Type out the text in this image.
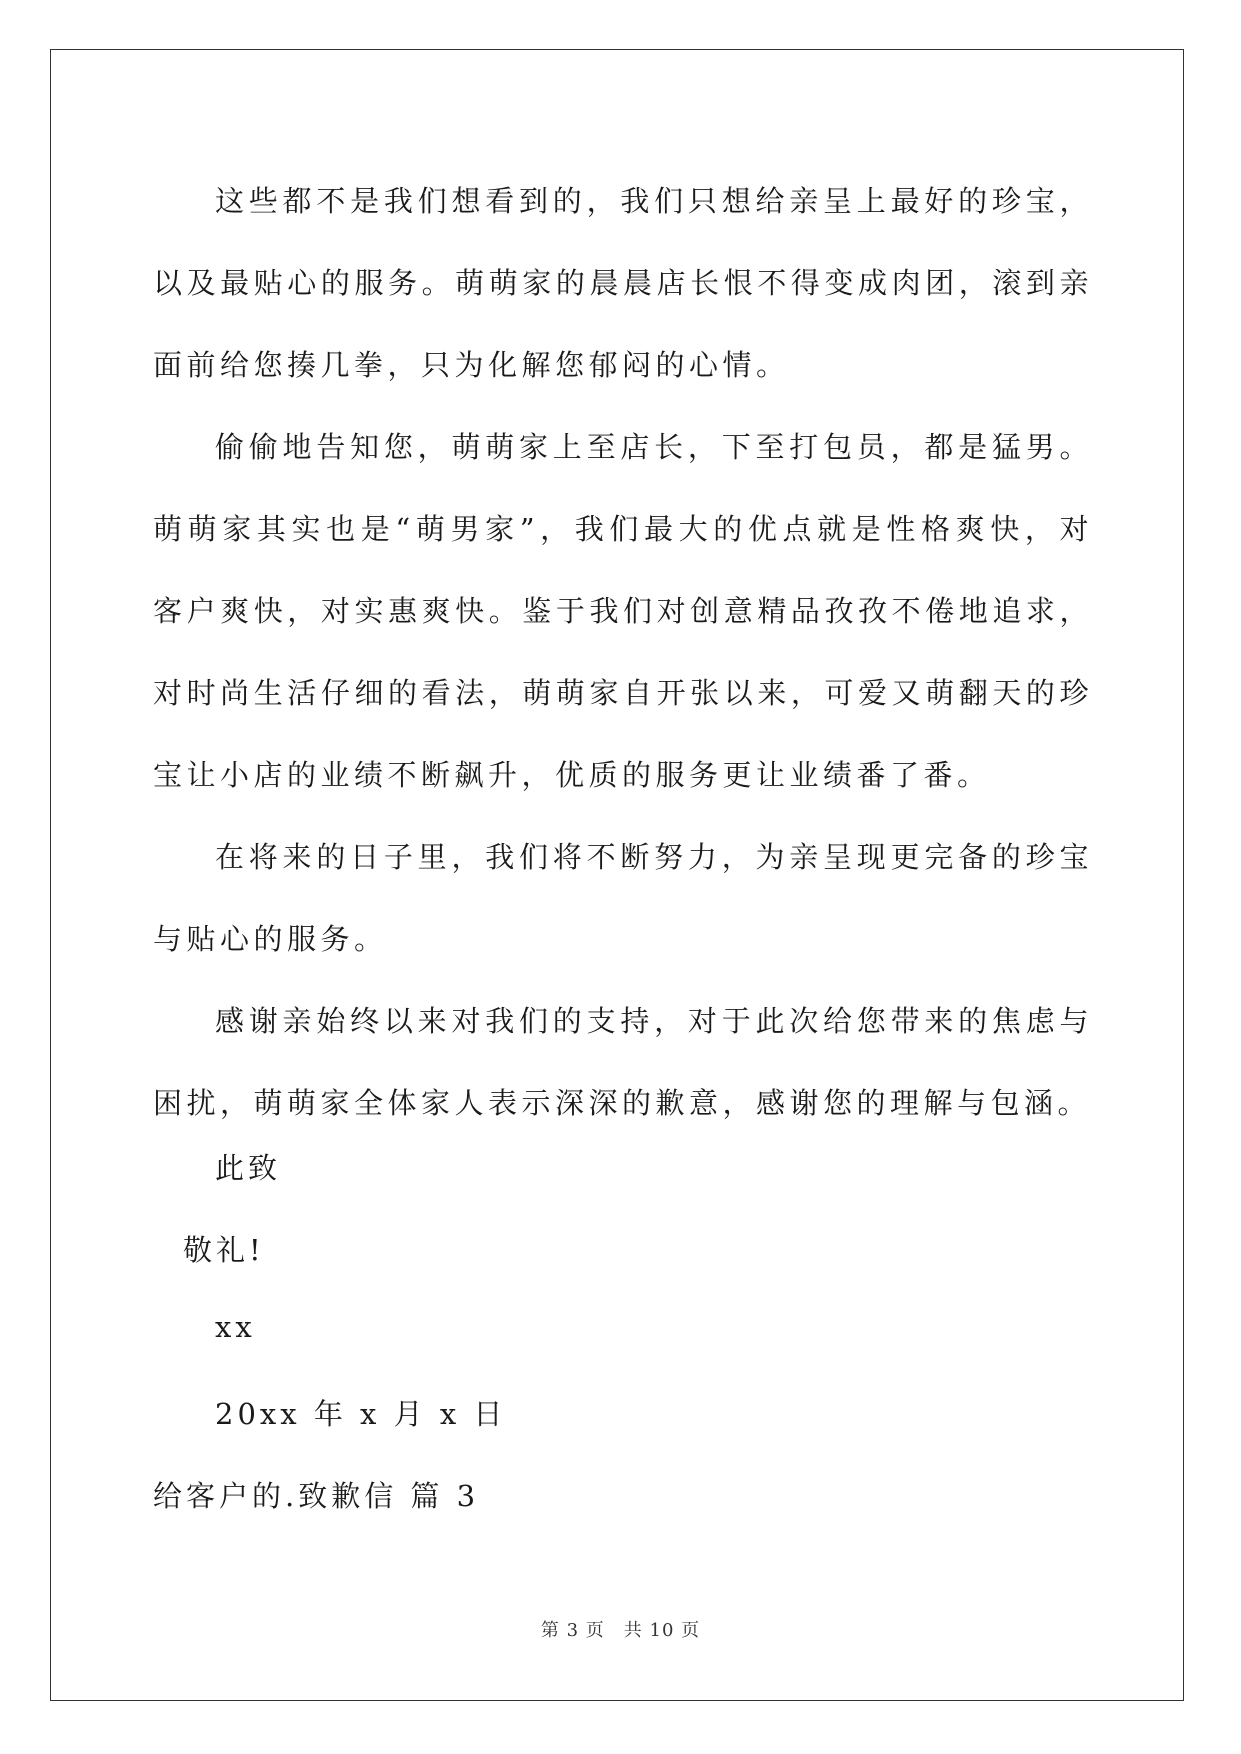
这些都不是我们想看到的，我们只想给亲呈上最好的珍宝，以及最贴心的服务。萌萌家的晨晨店长恨不得变成肉团，滚到亲面前给您揍几拳，只为化解您郁闷的心情。

偷偷地告知您，萌萌家上至店长，下至打包员，都是猛男。萌萌家其实也是“萌男家”，我们最大的优点就是性格爽快，对客户爽快，对实惠爽快。鉴于我们对创意精品孜孜不倦地追求，对时尚生活仔细的看法，萌萌家自开张以来，可爱又萌翻天的珍宝让小店的业绩不断飙升，优质的服务更让业绩番了番。

在将来的日子里，我们将不断努力，为亲呈现更完备的珍宝与贴心的服务。

感谢亲始终以来对我们的支持，对于此次给您带来的焦虑与困扰，萌萌家全体家人表示深深的歉意，感谢您的理解与包涵。

此致

敬礼!

xx

20xx 年 x 月 x 日

给客户的.致歉信 篇 3

第 3 页　共 10 页
